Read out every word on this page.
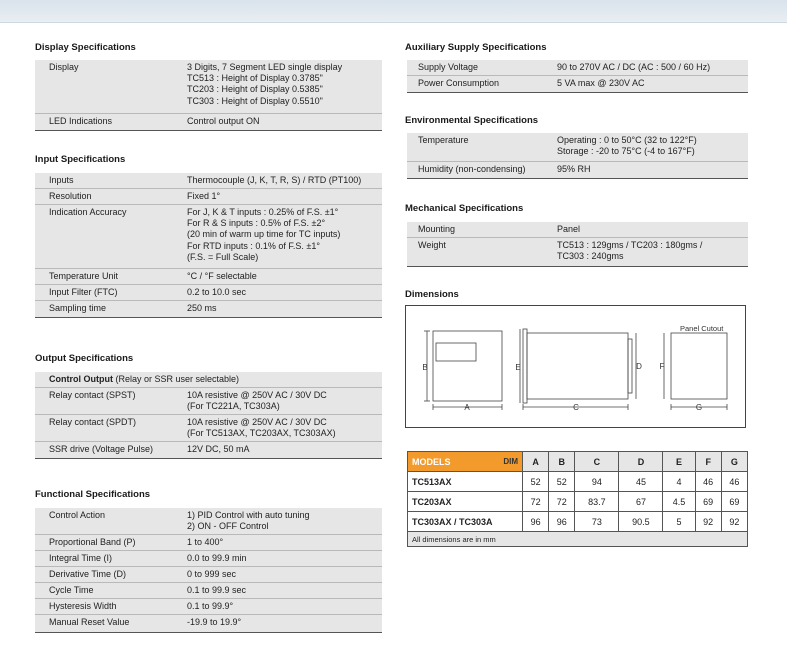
Display Specifications
Display	3 Digits, 7 Segment LED single display
TC513 : Height of Display 0.3785"
TC203 : Height of Display 0.5385"
TC303 : Height of Display 0.5510"
LED Indications	Control output ON
Input Specifications
Inputs	Thermocouple (J, K, T, R, S) / RTD (PT100)
Resolution	Fixed 1°
Indication Accuracy	For J, K & T inputs : 0.25% of F.S. ±1°
For R & S inputs : 0.5% of F.S. ±2°
(20 min of warm up time for TC inputs)
For RTD inputs : 0.1% of F.S. ±1°
(F.S. = Full Scale)
Temperature Unit	°C / °F selectable
Input Filter (FTC)	0.2 to 10.0 sec
Sampling time	250 ms
Output Specifications
Control Output (Relay or SSR user selectable)
Relay contact (SPST)	10A resistive @ 250V AC / 30V DC
(For TC221A, TC303A)
Relay contact (SPDT)	10A resistive @ 250V AC / 30V DC
(For TC513AX, TC203AX, TC303AX)
SSR drive (Voltage Pulse)	12V DC, 50 mA
Functional Specifications
Control Action	1) PID Control with auto tuning
2) ON - OFF Control
Proportional Band (P)	1 to 400°
Integral Time (I)	0.0 to 99.9 min
Derivative Time (D)	0 to 999 sec
Cycle Time	0.1 to 99.9 sec
Hysteresis Width	0.1 to 99.9°
Manual Reset Value	-19.9 to 19.9°
Auxiliary Supply Specifications
Supply Voltage	90 to 270V AC / DC (AC : 500 / 60 Hz)
Power Consumption	5 VA max @ 230V AC
Environmental Specifications
Temperature	Operating : 0 to 50°C (32 to 122°F)
Storage : -20 to 75°C (-4 to 167°F)
Humidity (non-condensing)	95% RH
Mechanical Specifications
Mounting	Panel
Weight	TC513 : 129gms / TC203 : 180gms /
TC303 : 240gms
Dimensions
Panel Cutout
A
B
C
D
E	F
G
MODELS DIM	A	B	C	D	E	F	G
TC513AX	52	52	94	45	4	46	46
TC203AX	72	72	83.7	67	4.5	69	69
TC303AX / TC303A	96	96	73	90.5	5	92	92
All dimensions are in mm							
